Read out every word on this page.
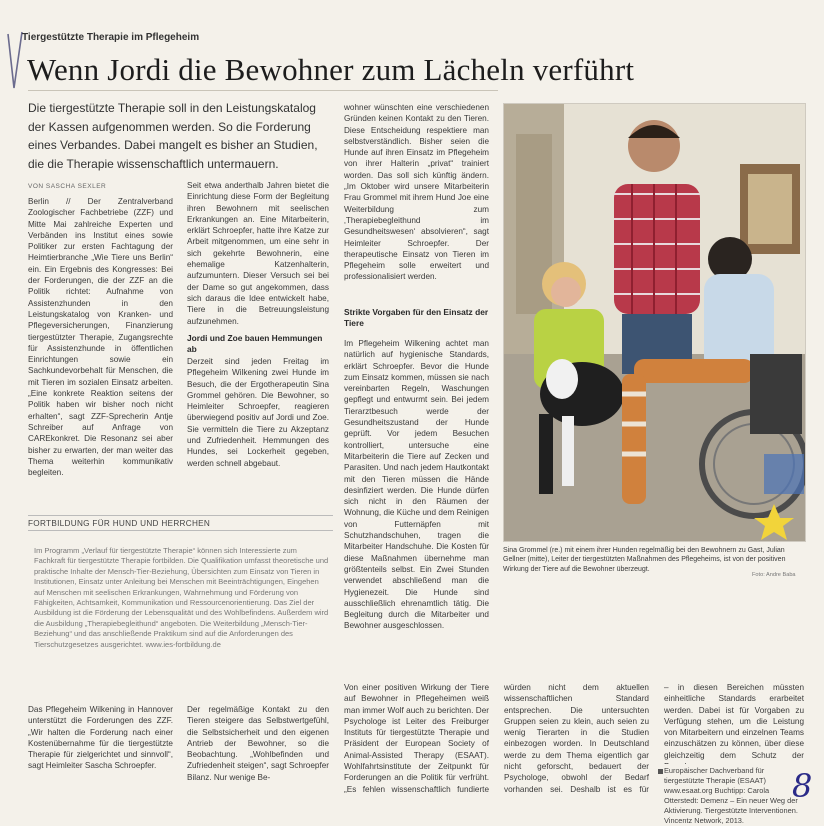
Tiergestützte Therapie im Pflegeheim
Wenn Jordi die Bewohner zum Lächeln verführt
Die tiergestützte Therapie soll in den Leistungskatalog der Kassen aufgenommen werden. So die Forderung eines Verbandes. Dabei mangelt es bisher an Studien, die die Therapie wissenschaftlich untermauern.
VON SASCHA SEXLER

Berlin // Der Zentralverband Zoologischer Fachbetriebe (ZZF) und Mitte Mai zahlreiche Experten und Verbänden ins Institut eines sowie Politiker zur ersten Fachtagung der Heimtierbranche „Wie Tiere uns Berlin“ ein. Ein Ergebnis des Kongresses: Bei der Forderungen, die der ZZF an die Politik richtet: Aufnahme von Assistenzhunden in den Leistungskatalog von Kranken- und Pflegeversicherungen, Finanzierung tiergestützter Therapie, Zugangsrechte für Assistenzhunde in öffentlichen Einrichtungen sowie ein Sachkundevorbehalt für Menschen, die mit Tieren im sozialen Einsatz arbeiten. „Eine konkrete Reaktion seitens der Politik haben wir bisher noch nicht erhalten“, sagt ZZF-Sprecherin Antje Schreiber auf Anfrage von CAREkonkret. Die Resonanz sei aber bisher zu erwarten, der man weiter das Thema weiterhin kommunikativ begleiten.

Seit etwa anderthalb Jahren bietet die Einrichtung diese Form der Begleitung ihren Bewohnern mit seelischen Erkrankungen an. Eine Mitarbeiterin, erklärt Schroepfer, hatte ihre Katze zur Arbeit mitgenommen, um eine sehr in sich gekehrte Bewohnerin, eine ehemalige Katzenhalterin, aufzumuntern. Dieser Versuch sei bei der Dame so gut angekommen, dass sich daraus die Idee entwickelt habe, Tiere in die Betreuungsleistung aufzunehmen.

Jordi und Zoe bauen Hemmungen ab

Derzeit sind jeden Freitag im Pflegeheim Wilkening zwei Hunde im Besuch, die der Ergotherapeutin Sina Grommel gehören. Die Bewohner, so Heimleiter Schroepfer, reagieren überwiegend positiv auf Jordi und Zoe. Sie vermitteln die Tiere zu Akzeptanz und Zufriedenheit. Hemmungen des Hundes, sei Lockerheit gegeben, werden schnell abgebaut.

wohner wünschten eine verschiedenen Gründen keinen Kontakt zu den Tieren. Diese Entscheidung respektiere man selbstverständlich. Bisher seien die Hunde auf ihren Einsatz im Pflegeheim von ihrer Halterin „privat“ trainiert worden. Das soll sich künftig ändern. „Im Oktober wird unsere Mitarbeiterin Frau Grommel mit ihrem Hund Joe eine Weiterbildung zum ‚Therapiebegleithund im Gesundheitswesen‘ absolvieren“, sagt Heimleiter Schroepfer. Der therapeutische Einsatz von Tieren im Pflegeheim solle erweitert und professionalisiert werden.

Strikte Vorgaben für den Einsatz der Tiere

Im Pflegeheim Wilkening achtet man natürlich auf hygienische Standards, erklärt Schroepfer. Bevor die Hunde zum Einsatz kommen, müssen sie nach vereinbarten Regeln, Waschungen gepflegt und entwurmt sein. Bei jedem Tierarztbesuch werde der Gesundheitszustand der Hunde geprüft. Vor jedem Besuchen kontrolliert, untersuche eine Mitarbeiterin die Tiere auf Zecken und Parasiten. Und nach jedem Hautkontakt mit den Tieren müssen die Hände desinfiziert werden. Die Hunde dürfen sich nicht in den Räumen der Wohnung, die Küche und dem Reinigen von Futternäpfen mit Schutzhandschuhen, tragen die Mitarbeiter Handschuhe. Die Kosten für diese Maßnahmen übernehme man größtenteils selbst. Ein Zwei Stunden verwendet abschließend man die Hygienezeit. Die Hunde sind ausschließlich ehrenamtlich tätig. Die Begleitung durch die Mitarbeiter und Bewohner ausgeschlossen.

Von einer positiven Wirkung der Tiere auf Bewohner in Pflegeheimen weiß man immer Wolf auch zu berichten. Der Psychologe ist Leiter des Freiburger Instituts für tiergestützte Therapie und Präsident der European Society of Animal-Assisted Therapy (ESAAT). Wohlfahrtsinstitute der Zeitpunkt für Forderungen an die Politik für verfrüht. „Es fehlen wissenschaftlich fundierte

FORTBILDUNG FÜR HUND UND HERRCHEN
Im Programm „Verlauf für tiergestützte Therapie“ können sich Interessierte zum Fachkraft für tiergestützte Therapie fortbilden. Die Qualifikation umfasst theoretische und praktische Inhalte der Mensch-Tier-Beziehung, Übersichten zum Einsatz von Tieren in Institutionen, Einsatz unter Anleitung bei Menschen mit Beeinträchtigungen, Eingehen auf Menschen mit seelischen Erkrankungen, Wahrnehmung und Förderung von Fähigkeiten, Achtsamkeit, Kommunikation und Ressourcenorientierung. Das Ziel der Ausbildung ist die Förderung der Lebensqualität und des Wohlbefindens. Außerdem wird die Ausbildung „Therapiebegleithund“ angeboten. Die Weiterbildung „Mensch-Tier-Beziehung“ und das anschließende Praktikum sind auf die Anforderungen des Tierschutzgesetzes ausgerichtet. www.ies-fortbildung.de

Das Pflegeheim Wilkening in Hannover unterstützt die Forderungen des ZZF. „Wir halten die Forderung nach einer Kostenübernahme für die tiergestützte Therapie für zielgerichtet und sinnvoll“, sagt Heimleiter Sascha Schroepfer.

Der regelmäßige Kontakt zu den Tieren steigere das Selbstwertgefühl, die Selbstsicherheit und den eigenen Antrieb der Bewohner, so die Beobachtung. „Wohlbefinden und Zufriedenheit steigen“, sagt Schroepfer Bilanz. Nur wenige Be-

würden nicht dem aktuellen wissenschaftlichen Standard entsprechen. Die untersuchten Gruppen seien zu klein, auch seien zu wenig Tierarten in die Studien einbezogen worden. In Deutschland werde zu dem Thema eigentlich gar nicht geforscht, bedauert der Psychologe, obwohl der Bedarf vorhanden sei. Deshalb ist es für

– in diesen Bereichen müssten einheitliche Standards erarbeitet werden. Dabei ist für Vorgaben zu Verfügung stehen, um die Leistung von Mitarbeitern und einzelnen Teams einzuschätzen zu können, über diese gleichzeitig dem Schutz der

Europäischer Dachverband für tiergestützte Therapie (ESAAT) www.esaat.org Buchtipp: Carola Otterstedt: Demenz – Ein neuer Weg der Aktivierung. Tiergestützte Interventionen. Vincentz Network, 2013.
Sina Grommel (re.) mit einem ihrer Hunden regelmäßig bei den Bewohnern zu Gast, Julian Gellner (mitte), Leiter der tiergestützten Maßnahmen des Pflegeheims, ist von der positiven Wirkung der Tiere auf die Bewohner überzeugt.
Foto: Andre Baba
8
